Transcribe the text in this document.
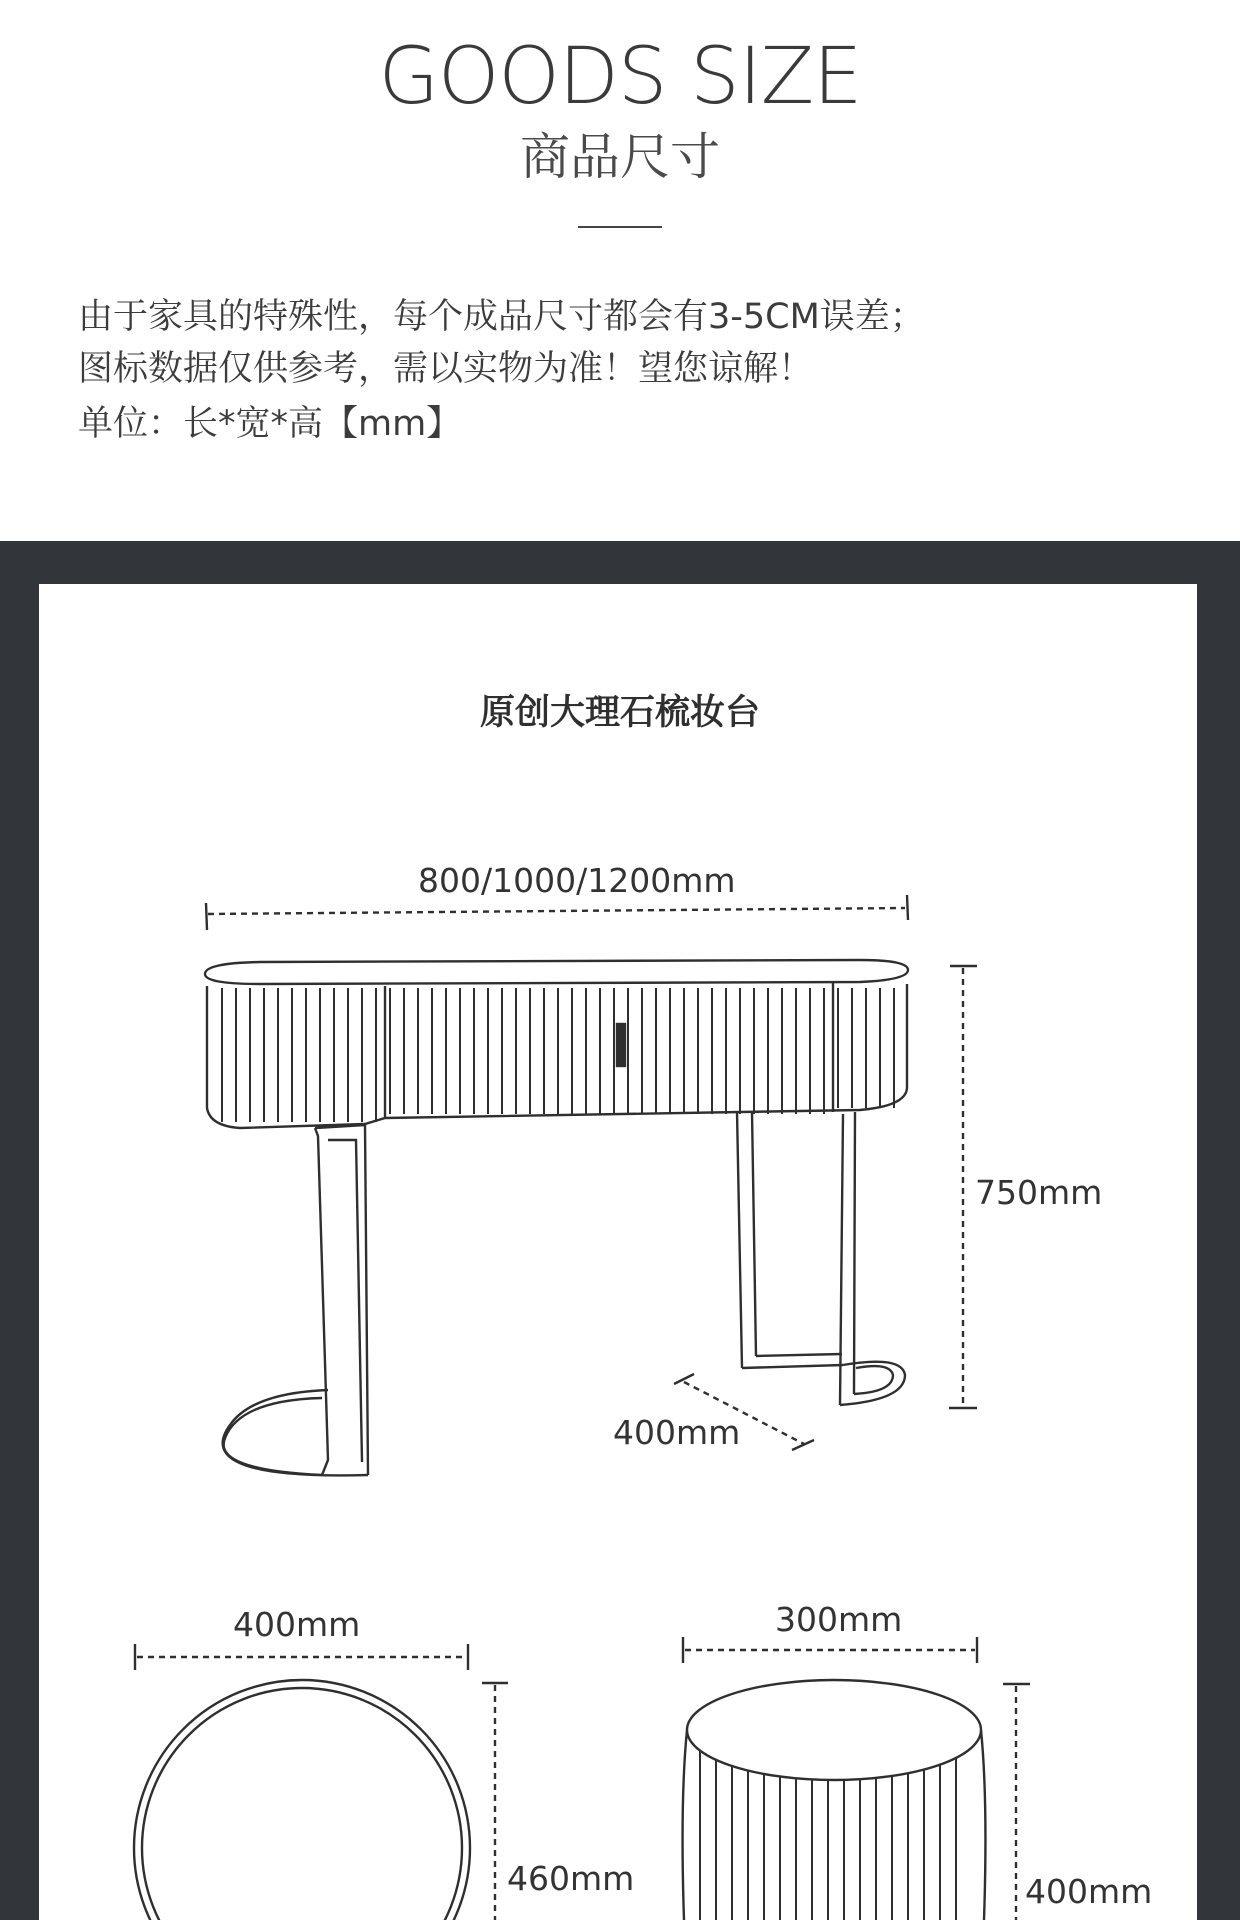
GOODS SIZE
商品尺寸
由于家具的特殊性，每个成品尺寸都会有3-5CM误差；
图标数据仅供参考，需以实物为准！望您谅解！
单位：长*宽*高【mm】
原创大理石梳妆台
800/1000/1200mm
750mm
400mm
400mm
460mm
300mm
400mm
